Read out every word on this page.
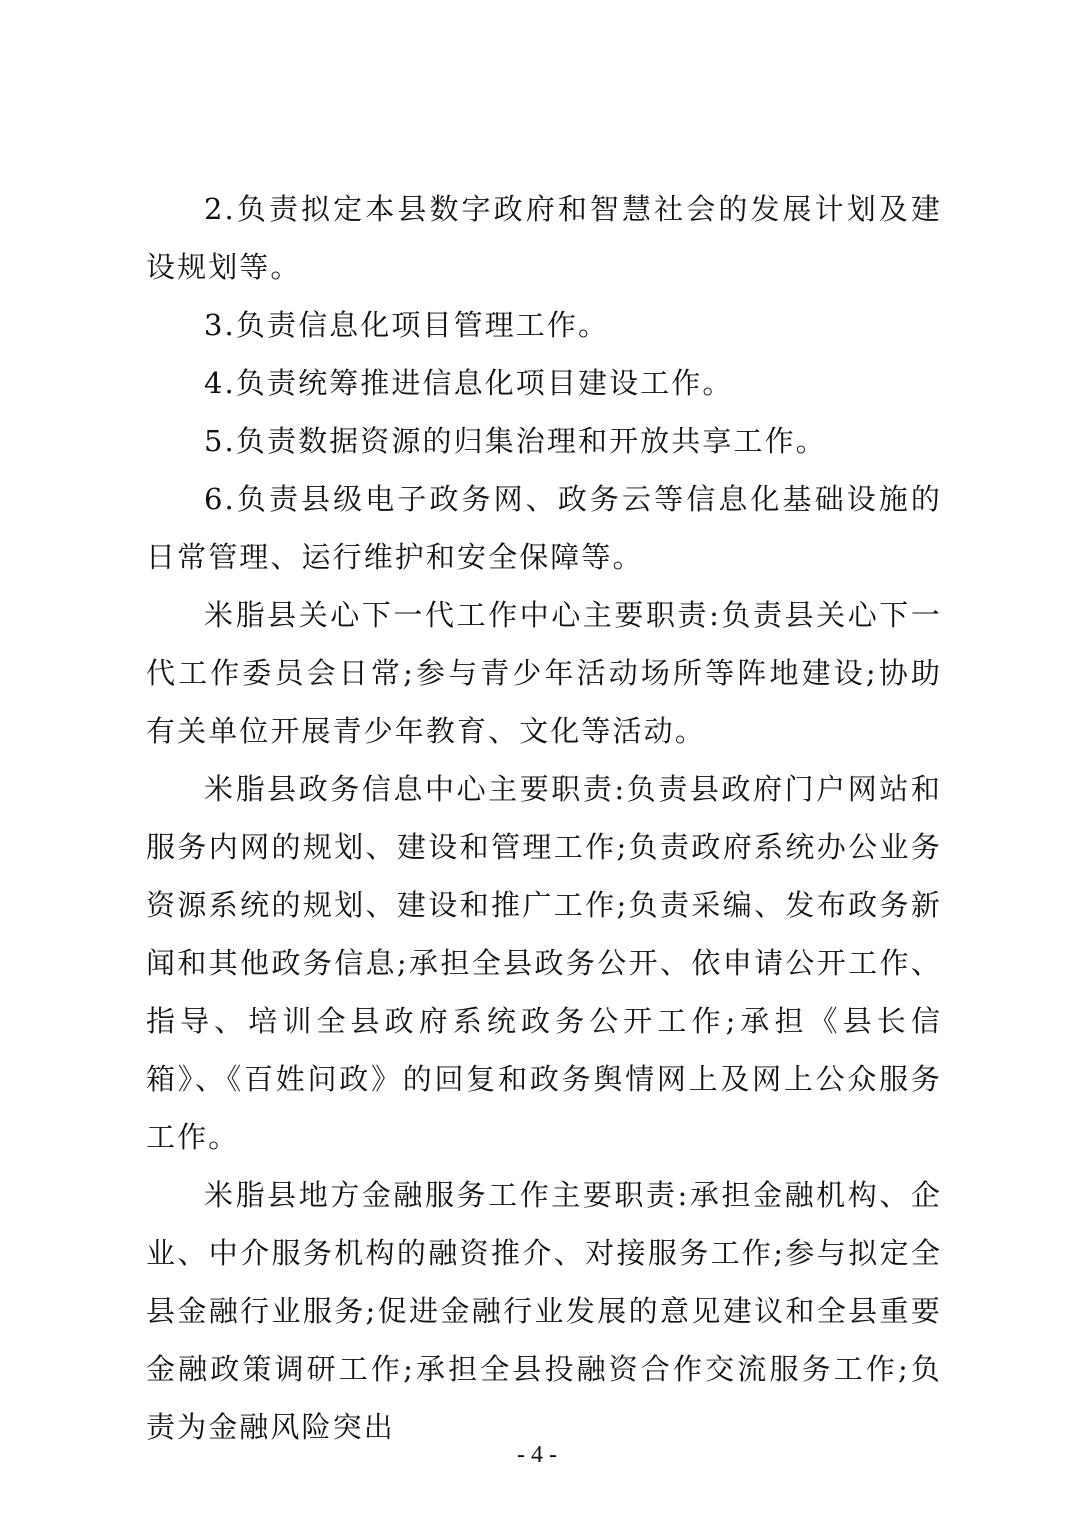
2.负责拟定本县数字政府和智慧社会的发展计划及建设规划等。

3.负责信息化项目管理工作。

4.负责统筹推进信息化项目建设工作。

5.负责数据资源的归集治理和开放共享工作。

6.负责县级电子政务网、政务云等信息化基础设施的日常管理、运行维护和安全保障等。

米脂县关心下一代工作中心主要职责:负责县关心下一代工作委员会日常;参与青少年活动场所等阵地建设;协助有关单位开展青少年教育、文化等活动。

米脂县政务信息中心主要职责:负责县政府门户网站和服务内网的规划、建设和管理工作;负责政府系统办公业务资源系统的规划、建设和推广工作;负责采编、发布政务新闻和其他政务信息;承担全县政务公开、依申请公开工作、指导、培训全县政府系统政务公开工作;承担《县长信箱》、《百姓问政》的回复和政务舆情网上及网上公众服务工作。

米脂县地方金融服务工作主要职责:承担金融机构、企业、中介服务机构的融资推介、对接服务工作;参与拟定全县金融行业服务;促进金融行业发展的意见建议和全县重要金融政策调研工作;承担全县投融资合作交流服务工作;负责为金融风险突出

- 4 -
